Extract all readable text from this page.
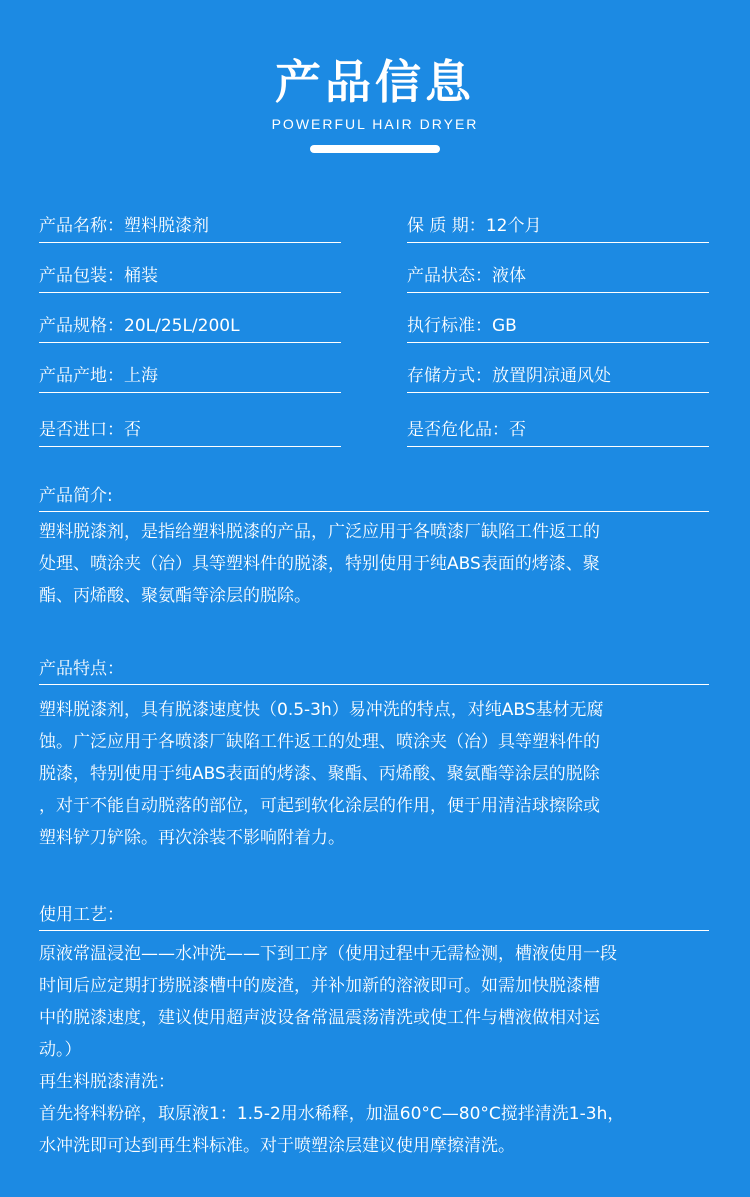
产品信息
POWERFUL HAIR DRYER
产品名称：塑料脱漆剂	保 质 期：12个月
产品包装：桶装	产品状态：液体
产品规格：20L/25L/200L	执行标准：GB
产品产地：上海	存储方式：放置阴凉通风处
是否进口：否	是否危化品：否
产品简介:

塑料脱漆剂，是指给塑料脱漆的产品，广泛应用于各喷漆厂缺陷工件返工的

处理、喷涂夹（冶）具等塑料件的脱漆，特别使用于纯ABS表面的烤漆、聚

酯、丙烯酸、聚氨酯等涂层的脱除。

产品特点：

塑料脱漆剂，具有脱漆速度快（0.5-3h）易冲洗的特点，对纯ABS基材无腐

蚀。广泛应用于各喷漆厂缺陷工件返工的处理、喷涂夹（冶）具等塑料件的

脱漆，特别使用于纯ABS表面的烤漆、聚酯、丙烯酸、聚氨酯等涂层的脱除

，对于不能自动脱落的部位，可起到软化涂层的作用，便于用清洁球擦除或

塑料铲刀铲除。再次涂装不影响附着力。

使用工艺：

原液常温浸泡——水冲洗——下到工序（使用过程中无需检测，槽液使用一段

时间后应定期打捞脱漆槽中的废渣，并补加新的溶液即可。如需加快脱漆槽

中的脱漆速度，建议使用超声波设备常温震荡清洗或使工件与槽液做相对运

动。）

再生料脱漆清洗：

首先将料粉碎，取原液1：1.5-2用水稀释，加温60°C—80°C搅拌清洗1-3h，

水冲洗即可达到再生料标准。对于喷塑涂层建议使用摩擦清洗。
